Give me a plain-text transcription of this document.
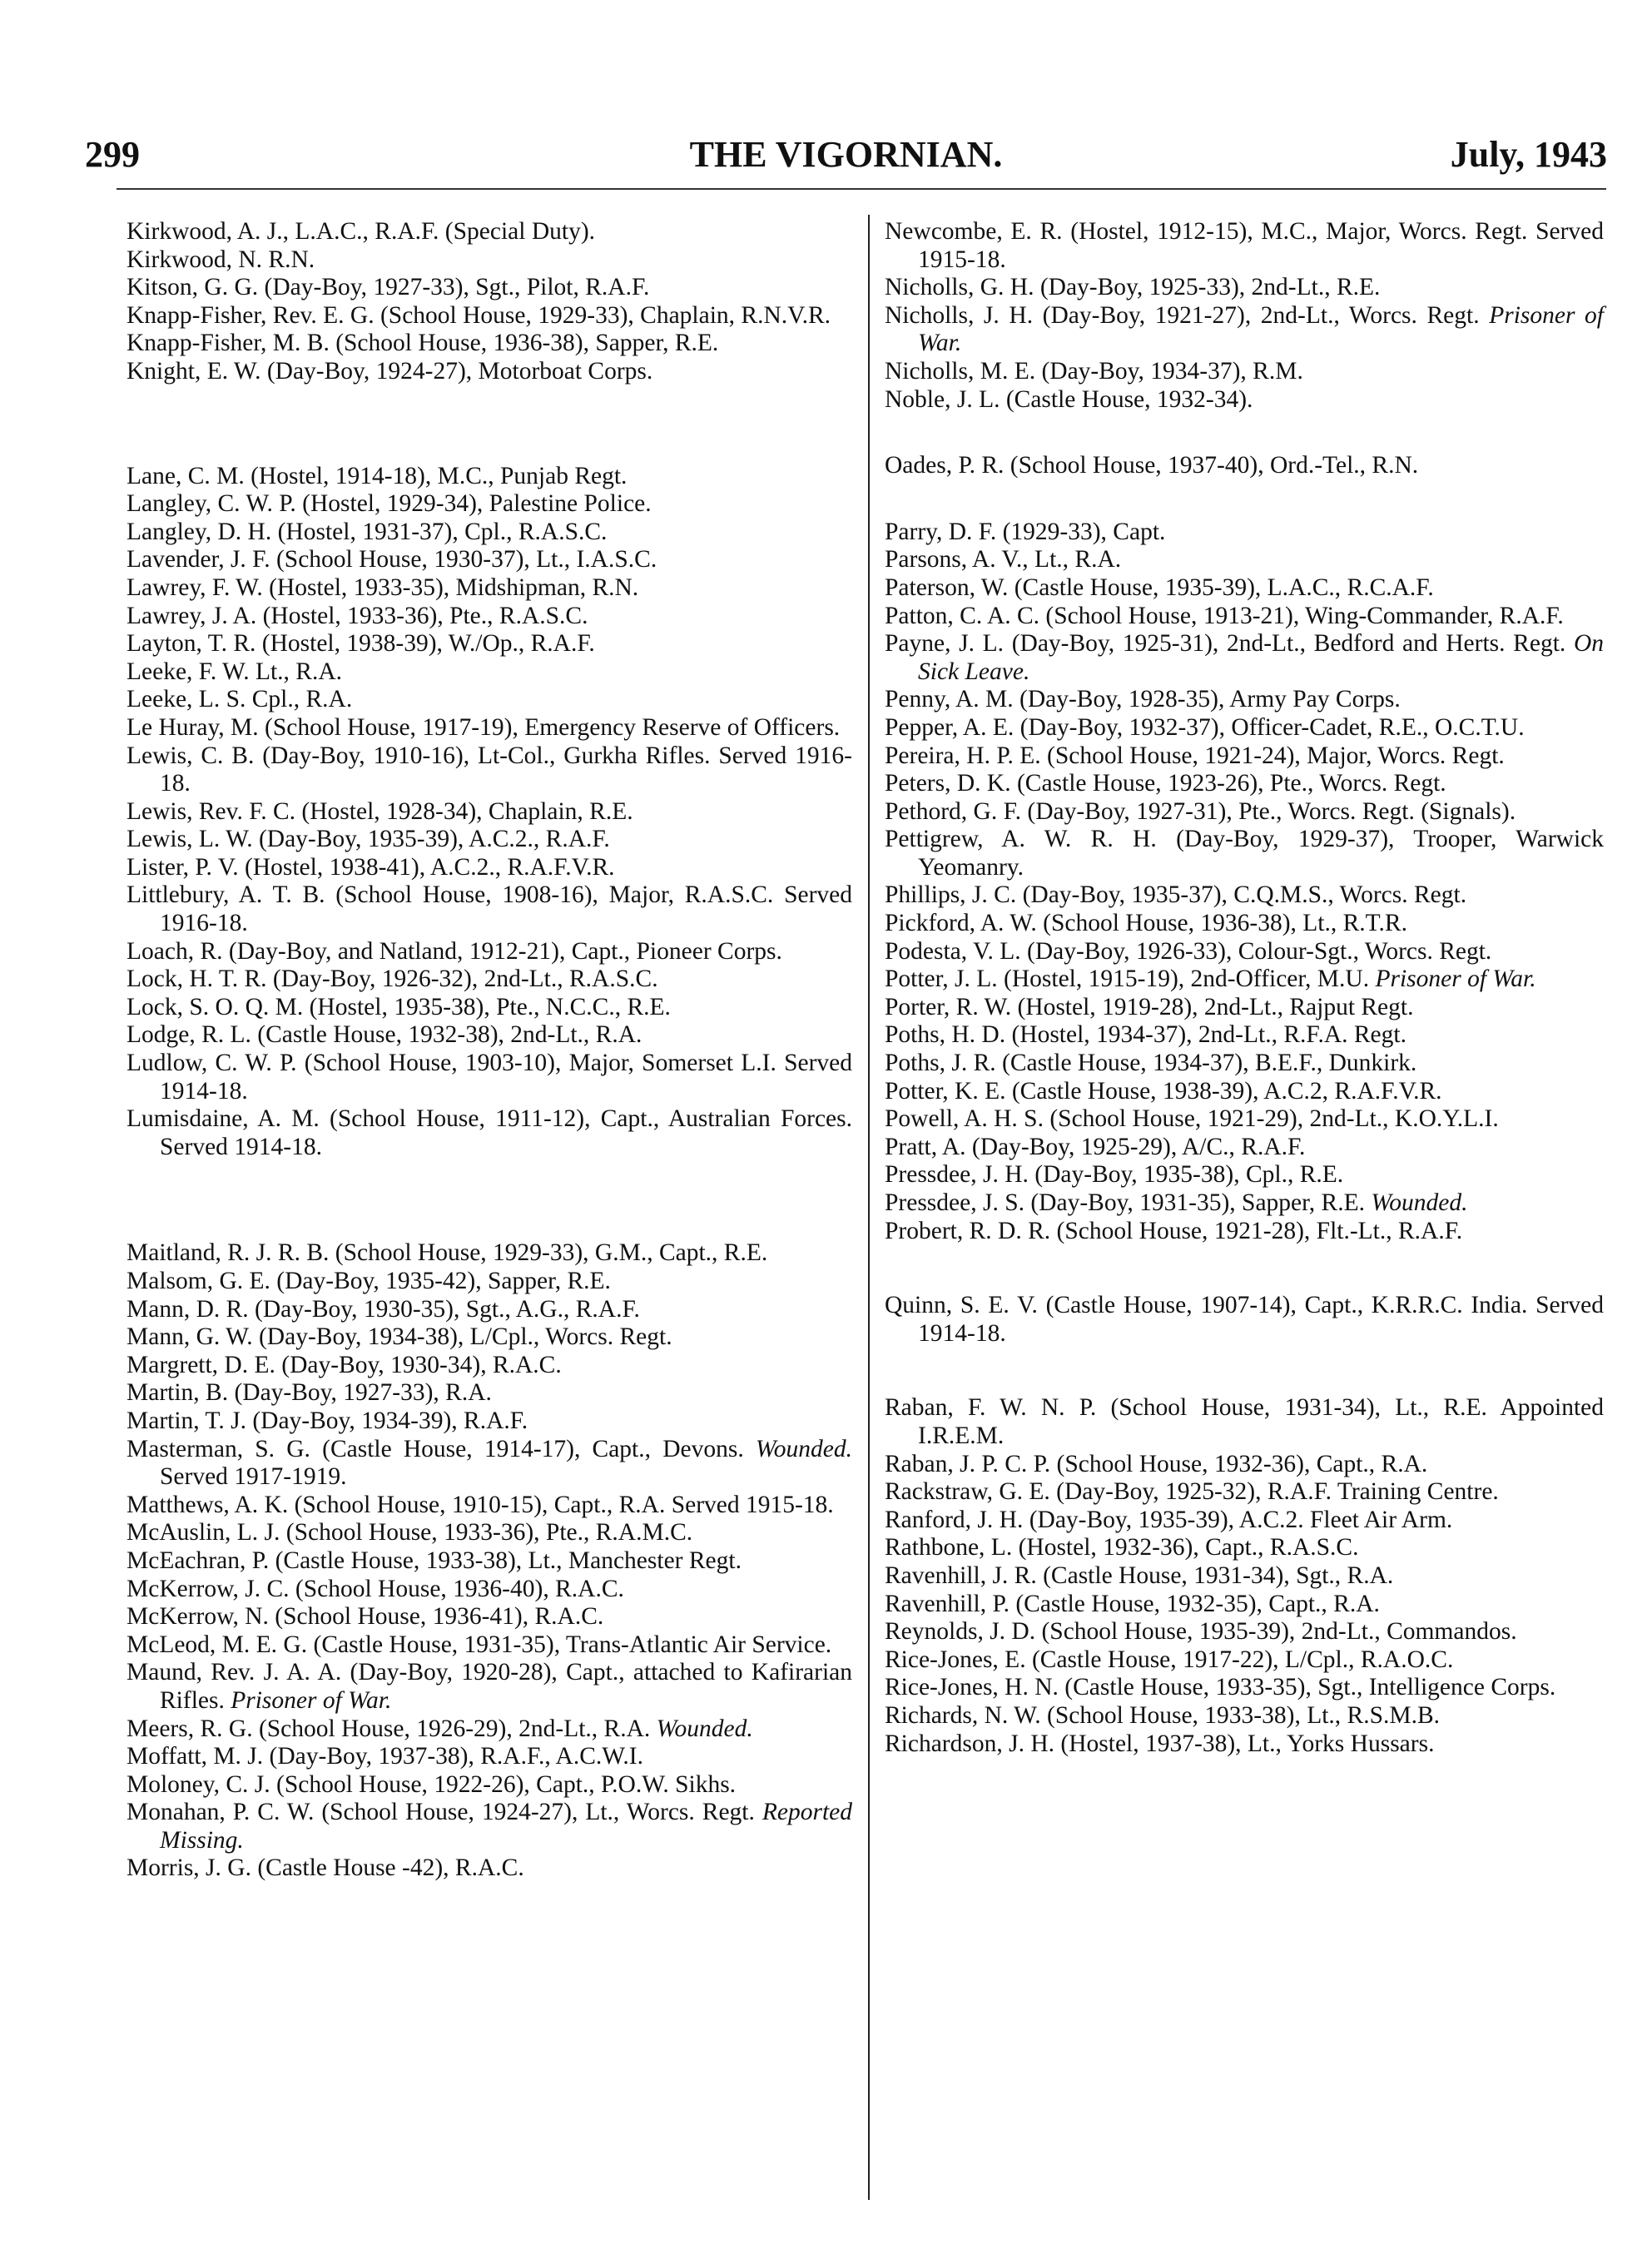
299	THE VIGORNIAN.	July, 1943

Kirkwood, A. J., L.A.C., R.A.F. (Special Duty).

Kirkwood, N. R.N.

Kitson, G. G. (Day-Boy, 1927-33), Sgt., Pilot, R.A.F.

Knapp-Fisher, Rev. E. G. (School House, 1929-33), Chaplain, R.N.V.R.

Knapp-Fisher, M. B. (School House, 1936-38), Sapper, R.E.

Knight, E. W. (Day-Boy, 1924-27), Motorboat Corps.

Lane, C. M. (Hostel, 1914-18), M.C., Punjab Regt.

Langley, C. W. P. (Hostel, 1929-34), Palestine Police.

Langley, D. H. (Hostel, 1931-37), Cpl., R.A.S.C.

Lavender, J. F. (School House, 1930-37), Lt., I.A.S.C.

Lawrey, F. W. (Hostel, 1933-35), Midshipman, R.N.

Lawrey, J. A. (Hostel, 1933-36), Pte., R.A.S.C.

Layton, T. R. (Hostel, 1938-39), W./Op., R.A.F.

Leeke, F. W. Lt., R.A.

Leeke, L. S. Cpl., R.A.

Le Huray, M. (School House, 1917-19), Emergency Reserve of Officers.

Lewis, C. B. (Day-Boy, 1910-16), Lt-Col., Gurkha Rifles. Served 1916-18.

Lewis, Rev. F. C. (Hostel, 1928-34), Chaplain, R.E.

Lewis, L. W. (Day-Boy, 1935-39), A.C.2., R.A.F.

Lister, P. V. (Hostel, 1938-41), A.C.2., R.A.F.V.R.

Littlebury, A. T. B. (School House, 1908-16), Major, R.A.S.C. Served 1916-18.

Loach, R. (Day-Boy, and Natland, 1912-21), Capt., Pioneer Corps.

Lock, H. T. R. (Day-Boy, 1926-32), 2nd-Lt., R.A.S.C.

Lock, S. O. Q. M. (Hostel, 1935-38), Pte., N.C.C., R.E.

Lodge, R. L. (Castle House, 1932-38), 2nd-Lt., R.A.

Ludlow, C. W. P. (School House, 1903-10), Major, Somerset L.I. Served 1914-18.

Lumisdaine, A. M. (School House, 1911-12), Capt., Australian Forces. Served 1914-18.

Maitland, R. J. R. B. (School House, 1929-33), G.M., Capt., R.E.

Malsom, G. E. (Day-Boy, 1935-42), Sapper, R.E.

Mann, D. R. (Day-Boy, 1930-35), Sgt., A.G., R.A.F.

Mann, G. W. (Day-Boy, 1934-38), L/Cpl., Worcs. Regt.

Margrett, D. E. (Day-Boy, 1930-34), R.A.C.

Martin, B. (Day-Boy, 1927-33), R.A.

Martin, T. J. (Day-Boy, 1934-39), R.A.F.

Masterman, S. G. (Castle House, 1914-17), Capt., Devons. Wounded. Served 1917-1919.

Matthews, A. K. (School House, 1910-15), Capt., R.A. Served 1915-18.

McAuslin, L. J. (School House, 1933-36), Pte., R.A.M.C.

McEachran, P. (Castle House, 1933-38), Lt., Manchester Regt.

McKerrow, J. C. (School House, 1936-40), R.A.C.

McKerrow, N. (School House, 1936-41), R.A.C.

McLeod, M. E. G. (Castle House, 1931-35), Trans-Atlantic Air Service.

Maund, Rev. J. A. A. (Day-Boy, 1920-28), Capt., attached to Kafirarian Rifles. Prisoner of War.

Meers, R. G. (School House, 1926-29), 2nd-Lt., R.A. Wounded.

Moffatt, M. J. (Day-Boy, 1937-38), R.A.F., A.C.W.I.

Moloney, C. J. (School House, 1922-26), Capt., P.O.W. Sikhs.

Monahan, P. C. W. (School House, 1924-27), Lt., Worcs. Regt. Reported Missing.

Morris, J. G. (Castle House -42), R.A.C.

Newcombe, E. R. (Hostel, 1912-15), M.C., Major, Worcs. Regt. Served 1915-18.

Nicholls, G. H. (Day-Boy, 1925-33), 2nd-Lt., R.E.

Nicholls, J. H. (Day-Boy, 1921-27), 2nd-Lt., Worcs. Regt. Prisoner of War.

Nicholls, M. E. (Day-Boy, 1934-37), R.M.

Noble, J. L. (Castle House, 1932-34).

Oades, P. R. (School House, 1937-40), Ord.-Tel., R.N.

Parry, D. F. (1929-33), Capt.

Parsons, A. V., Lt., R.A.

Paterson, W. (Castle House, 1935-39), L.A.C., R.C.A.F.

Patton, C. A. C. (School House, 1913-21), Wing-Commander, R.A.F.

Payne, J. L. (Day-Boy, 1925-31), 2nd-Lt., Bedford and Herts. Regt. On Sick Leave.

Penny, A. M. (Day-Boy, 1928-35), Army Pay Corps.

Pepper, A. E. (Day-Boy, 1932-37), Officer-Cadet, R.E., O.C.T.U.

Pereira, H. P. E. (School House, 1921-24), Major, Worcs. Regt.

Peters, D. K. (Castle House, 1923-26), Pte., Worcs. Regt.

Pethord, G. F. (Day-Boy, 1927-31), Pte., Worcs. Regt. (Signals).

Pettigrew, A. W. R. H. (Day-Boy, 1929-37), Trooper, Warwick Yeomanry.

Phillips, J. C. (Day-Boy, 1935-37), C.Q.M.S., Worcs. Regt.

Pickford, A. W. (School House, 1936-38), Lt., R.T.R.

Podesta, V. L. (Day-Boy, 1926-33), Colour-Sgt., Worcs. Regt.

Potter, J. L. (Hostel, 1915-19), 2nd-Officer, M.U. Prisoner of War.

Porter, R. W. (Hostel, 1919-28), 2nd-Lt., Rajput Regt.

Poths, H. D. (Hostel, 1934-37), 2nd-Lt., R.F.A. Regt.

Poths, J. R. (Castle House, 1934-37), B.E.F., Dunkirk.

Potter, K. E. (Castle House, 1938-39), A.C.2, R.A.F.V.R.

Powell, A. H. S. (School House, 1921-29), 2nd-Lt., K.O.Y.L.I.

Pratt, A. (Day-Boy, 1925-29), A/C., R.A.F.

Pressdee, J. H. (Day-Boy, 1935-38), Cpl., R.E.

Pressdee, J. S. (Day-Boy, 1931-35), Sapper, R.E. Wounded.

Probert, R. D. R. (School House, 1921-28), Flt.-Lt., R.A.F.

Quinn, S. E. V. (Castle House, 1907-14), Capt., K.R.R.C. India. Served 1914-18.

Raban, F. W. N. P. (School House, 1931-34), Lt., R.E. Appointed I.R.E.M.

Raban, J. P. C. P. (School House, 1932-36), Capt., R.A.

Rackstraw, G. E. (Day-Boy, 1925-32), R.A.F. Training Centre.

Ranford, J. H. (Day-Boy, 1935-39), A.C.2. Fleet Air Arm.

Rathbone, L. (Hostel, 1932-36), Capt., R.A.S.C.

Ravenhill, J. R. (Castle House, 1931-34), Sgt., R.A.

Ravenhill, P. (Castle House, 1932-35), Capt., R.A.

Reynolds, J. D. (School House, 1935-39), 2nd-Lt., Commandos.

Rice-Jones, E. (Castle House, 1917-22), L/Cpl., R.A.O.C.

Rice-Jones, H. N. (Castle House, 1933-35), Sgt., Intelligence Corps.

Richards, N. W. (School House, 1933-38), Lt., R.S.M.B.

Richardson, J. H. (Hostel, 1937-38), Lt., Yorks Hussars.
